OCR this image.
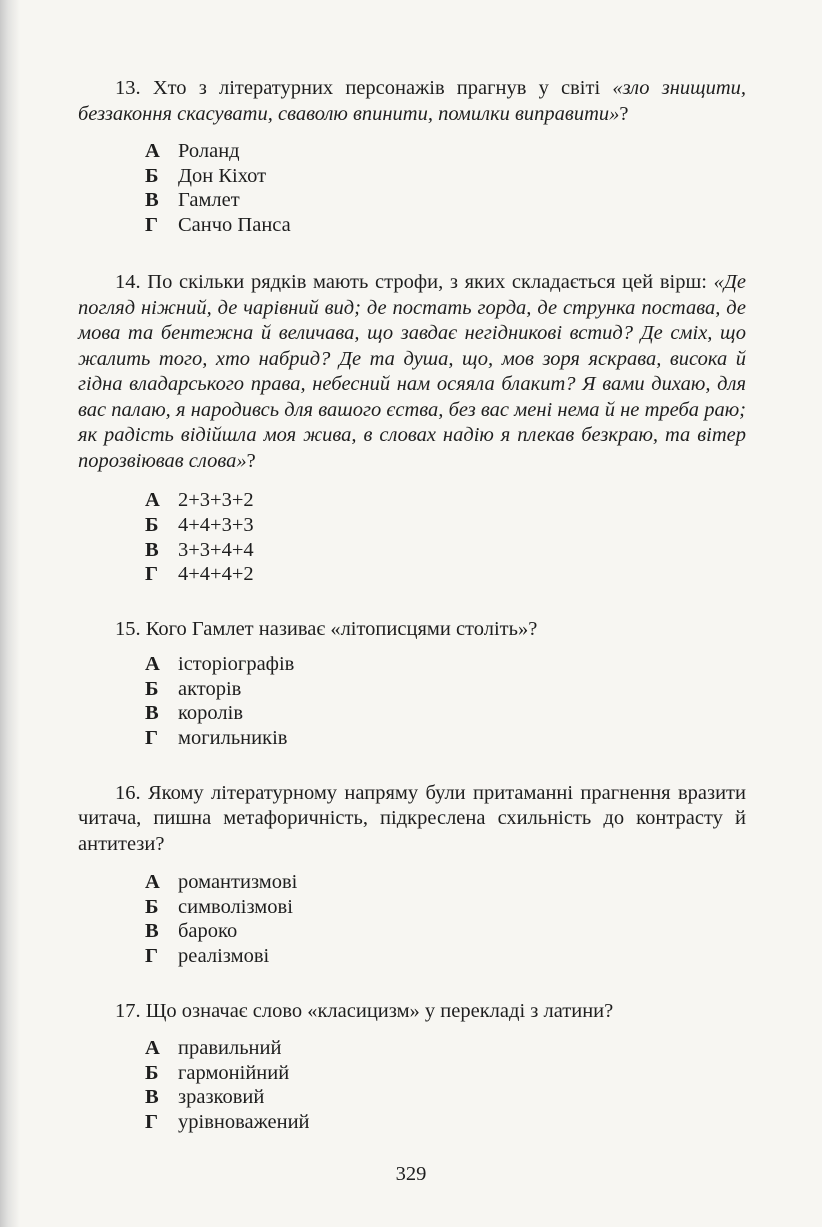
13. Хто з літературних персонажів прагнув у світі «зло знищити, беззаконня скасувати, сваволю впинити, помилки виправити»?

А Роланд
Б Дон Кіхот
В Гамлет
Г Санчо Панса

14. По скільки рядків мають строфи, з яких складається цей вірш: «Де погляд ніжний, де чарівний вид; де постать горда, де струнка постава, де мова та бентежна й величава, що завдає негідникові встид? Де сміх, що жалить того, хто набрид? Де та душа, що, мов зоря яскрава, висока й гідна владарського права, небесний нам осяяла блакит? Я вами дихаю, для вас палаю, я народивсь для вашого єства, без вас мені нема й не треба раю; як радість відійшла моя жива, в словах надію я плекав безкраю, та вітер порозвіював слова»?

А 2+3+3+2
Б 4+4+3+3
В 3+3+4+4
Г 4+4+4+2

15. Кого Гамлет називає «літописцями століть»?

А історіографів
Б акторів
В королів
Г могильників

16. Якому літературному напряму були притаманні прагнення вразити читача, пишна метафоричність, підкреслена схильність до контрасту й антитези?

А романтизмові
Б символізмові
В бароко
Г реалізмові

17. Що означає слово «класицизм» у перекладі з латини?

А правильний
Б гармонійний
В зразковий
Г урівноважений
329
